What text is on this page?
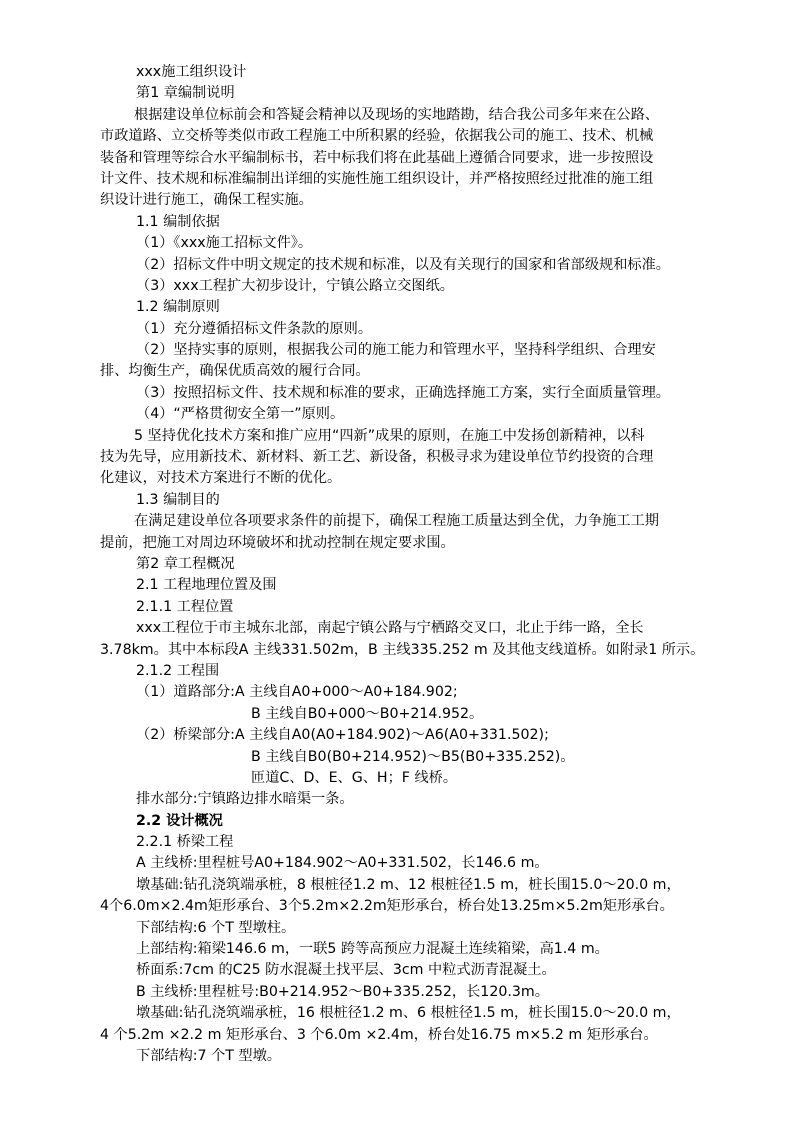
xxx施工组织设计
第1 章编制说明
根据建设单位标前会和答疑会精神以及现场的实地踏勘，结合我公司多年来在公路、
市政道路、立交桥等类似市政工程施工中所积累的经验，依据我公司的施工、技术、机械
装备和管理等综合水平编制标书，若中标我们将在此基础上遵循合同要求，进一步按照设
计文件、技术规和标准编制出详细的实施性施工组织设计，并严格按照经过批准的施工组
织设计进行施工，确保工程实施。
1.1 编制依据
（1）《xxx施工招标文件》。
（2）招标文件中明文规定的技术规和标准，以及有关现行的国家和省部级规和标准。
（3）xxx工程扩大初步设计，宁镇公路立交图纸。
1.2 编制原则
（1）充分遵循招标文件条款的原则。
（2）坚持实事的原则，根据我公司的施工能力和管理水平，坚持科学组织、合理安
排、均衡生产，确保优质高效的履行合同。
（3）按照招标文件、技术规和标准的要求，正确选择施工方案，实行全面质量管理。
（4）“严格贯彻安全第一”原则。
5 坚持优化技术方案和推广应用“四新”成果的原则，在施工中发扬创新精神，以科
技为先导，应用新技术、新材料、新工艺、新设备，积极寻求为建设单位节约投资的合理
化建议，对技术方案进行不断的优化。
1.3 编制目的
在满足建设单位各项要求条件的前提下，确保工程施工质量达到全优，力争施工工期
提前，把施工对周边环境破坏和扰动控制在规定要求围。
第2 章工程概况
2.1 工程地理位置及围
2.1.1 工程位置
xxx工程位于市主城东北部，南起宁镇公路与宁栖路交叉口，北止于纬一路，全长
3.78km。其中本标段A 主线331.502m，B 主线335.252 m 及其他支线道桥。如附录1 所示。
2.1.2 工程围
（1）道路部分:A 主线自A0+000～A0+184.902;
B 主线自B0+000～B0+214.952。
（2）桥梁部分:A 主线自A0(A0+184.902)～A6(A0+331.502);
B 主线自B0(B0+214.952)～B5(B0+335.252)。
匝道C、D、E、G、H；F 线桥。
排水部分:宁镇路边排水暗渠一条。
2.2 设计概况
2.2.1 桥梁工程
A 主线桥:里程桩号A0+184.902～A0+331.502，长146.6 m。
墩基础:钻孔浇筑端承桩，8 根桩径1.2 m、12 根桩径1.5 m，桩长围15.0～20.0 m，
4个6.0m×2.4m矩形承台、3个5.2m×2.2m矩形承台，桥台处13.25m×5.2m矩形承台。
下部结构:6 个T 型墩柱。
上部结构:箱梁146.6 m，一联5 跨等高预应力混凝土连续箱梁，高1.4 m。
桥面系:7cm 的C25 防水混凝土找平层、3cm 中粒式沥青混凝土。
B 主线桥:里程桩号:B0+214.952～B0+335.252，长120.3m。
墩基础:钻孔浇筑端承桩，16 根桩径1.2 m、6 根桩径1.5 m，桩长围15.0～20.0 m，
4 个5.2m ×2.2 m 矩形承台、3 个6.0m ×2.4m，桥台处16.75 m×5.2 m 矩形承台。
下部结构:7 个T 型墩。
